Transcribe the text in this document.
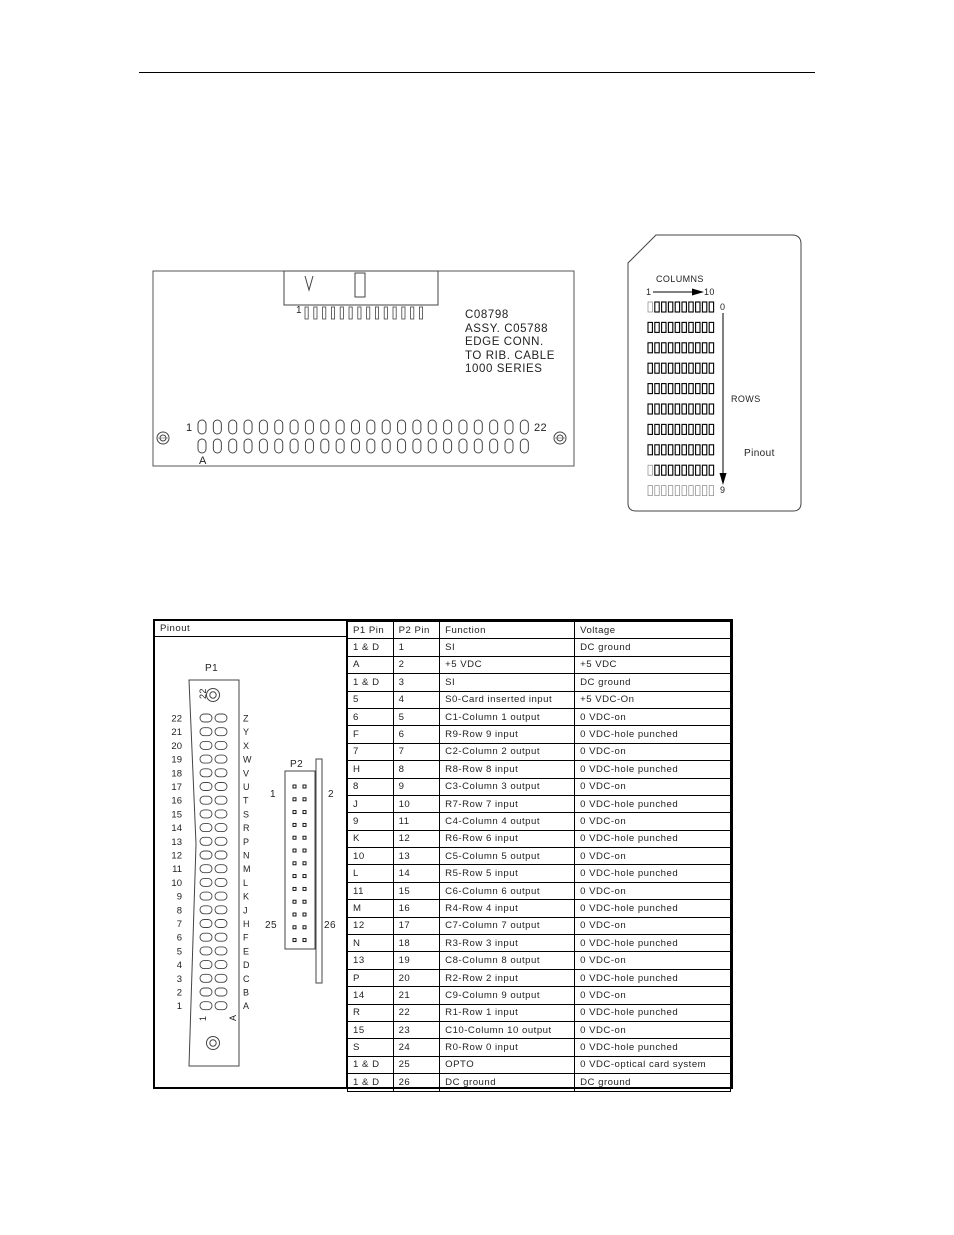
1
1	22
A
C08798
ASSY. C05788
EDGE CONN.
TO RIB. CABLE
1000 SERIES
COLUMNS
1	10
0
9
ROWS
Pinout
Pinout
22
21
20
19
18
17
16
15
14
13
12
11
10
9
8
7
6
5
4
3
2
1
Z
Y
X
W
V
U
T
S
R
P
N
M
L
K
J
H
F
E
D
C
B
A
P1
22
1 A
P2
1	2
25	26
P1 Pin	P2 Pin	Function	Voltage
1 & D	1	SI	DC ground
A	2	+5 VDC	+5 VDC
1 & D	3	SI	DC ground
5	4	S0-Card inserted input	+5 VDC-On
6	5	C1-Column 1 output	0 VDC-on
F	6	R9-Row 9 input	0 VDC-hole punched
7	7	C2-Column 2 output	0 VDC-on
H	8	R8-Row 8 input	0 VDC-hole punched
8	9	C3-Column 3 output	0 VDC-on
J	10	R7-Row 7 input	0 VDC-hole punched
9	11	C4-Column 4 output	0 VDC-on
K	12	R6-Row 6 input	0 VDC-hole punched
10	13	C5-Column 5 output	0 VDC-on
L	14	R5-Row 5 input	0 VDC-hole punched
11	15	C6-Column 6 output	0 VDC-on
M	16	R4-Row 4 input	0 VDC-hole punched
12	17	C7-Column 7 output	0 VDC-on
N	18	R3-Row 3 input	0 VDC-hole punched
13	19	C8-Column 8 output	0 VDC-on
P	20	R2-Row 2 input	0 VDC-hole punched
14	21	C9-Column 9 output	0 VDC-on
R	22	R1-Row 1 input	0 VDC-hole punched
15	23	C10-Column 10 output	0 VDC-on
S	24	R0-Row 0 input	0 VDC-hole punched
1 & D	25	OPTO	0 VDC-optical card system
1 & D	26	DC ground	DC ground
